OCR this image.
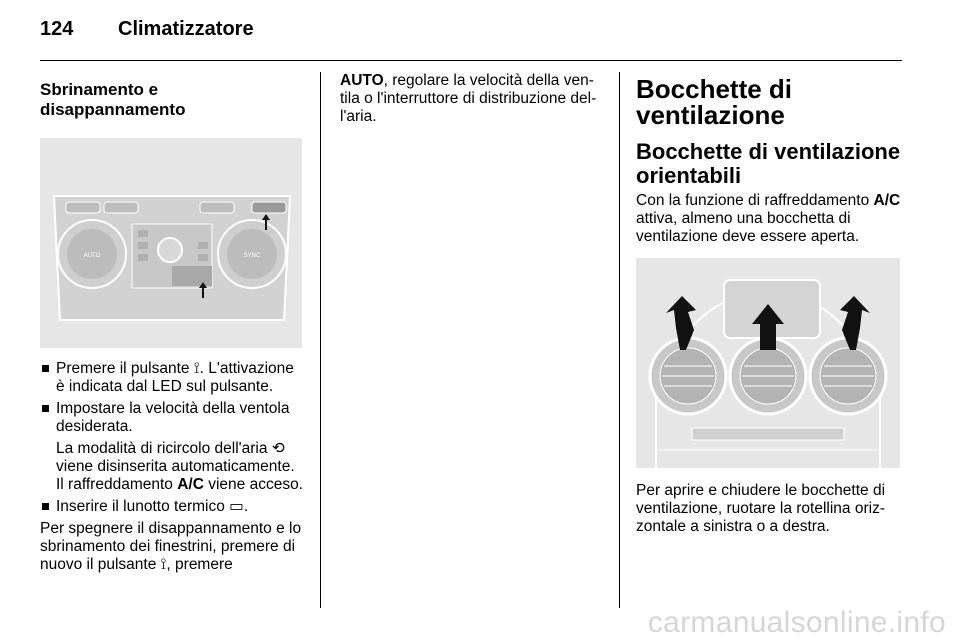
124	Climatizzatore
Sbrinamento e disappannamento
AUTO	SYNC
Premere il pulsante ⟟. L'attivazione è indicata dal LED sul pulsante.
Impostare la velocità della ventola desiderata.
La modalità di ricircolo dell'aria ⟲ viene disinserita automaticamente. Il raffreddamento A/C viene acceso.
Inserire il lunotto termico ▭.
Per spegnere il disappannamento e lo sbrinamento dei finestrini, premere di nuovo il pulsante ⟟, premere
AUTO, regolare la velocità della ventila o l'interruttore di distribuzione dell'aria.
Bocchette di ventilazione
Bocchette di ventilazione orientabili
Con la funzione di raffreddamento A/C attiva, almeno una bocchetta di ventilazione deve essere aperta.
Per aprire e chiudere le bocchette di ventilazione, ruotare la rotellina orizzontale a sinistra o a destra.
carmanualsonline.info
